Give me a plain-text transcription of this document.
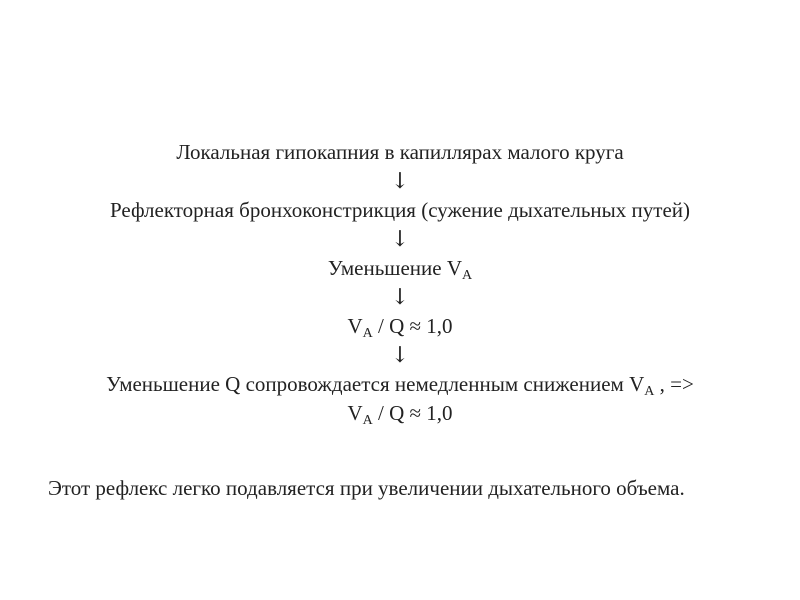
Локальная гипокапния в капиллярах малого круга
↓
Рефлекторная бронхоконстрикция (сужение дыхательных путей)
↓
Уменьшение $V_A$
↓
$V_A / Q \approx 1,0$
↓
Уменьшение Q сопровождается немедленным снижением $V_A$ , =>
$V_A / Q \approx 1,0$

Этот рефлекс легко подавляется при увеличении дыхательного объема.
